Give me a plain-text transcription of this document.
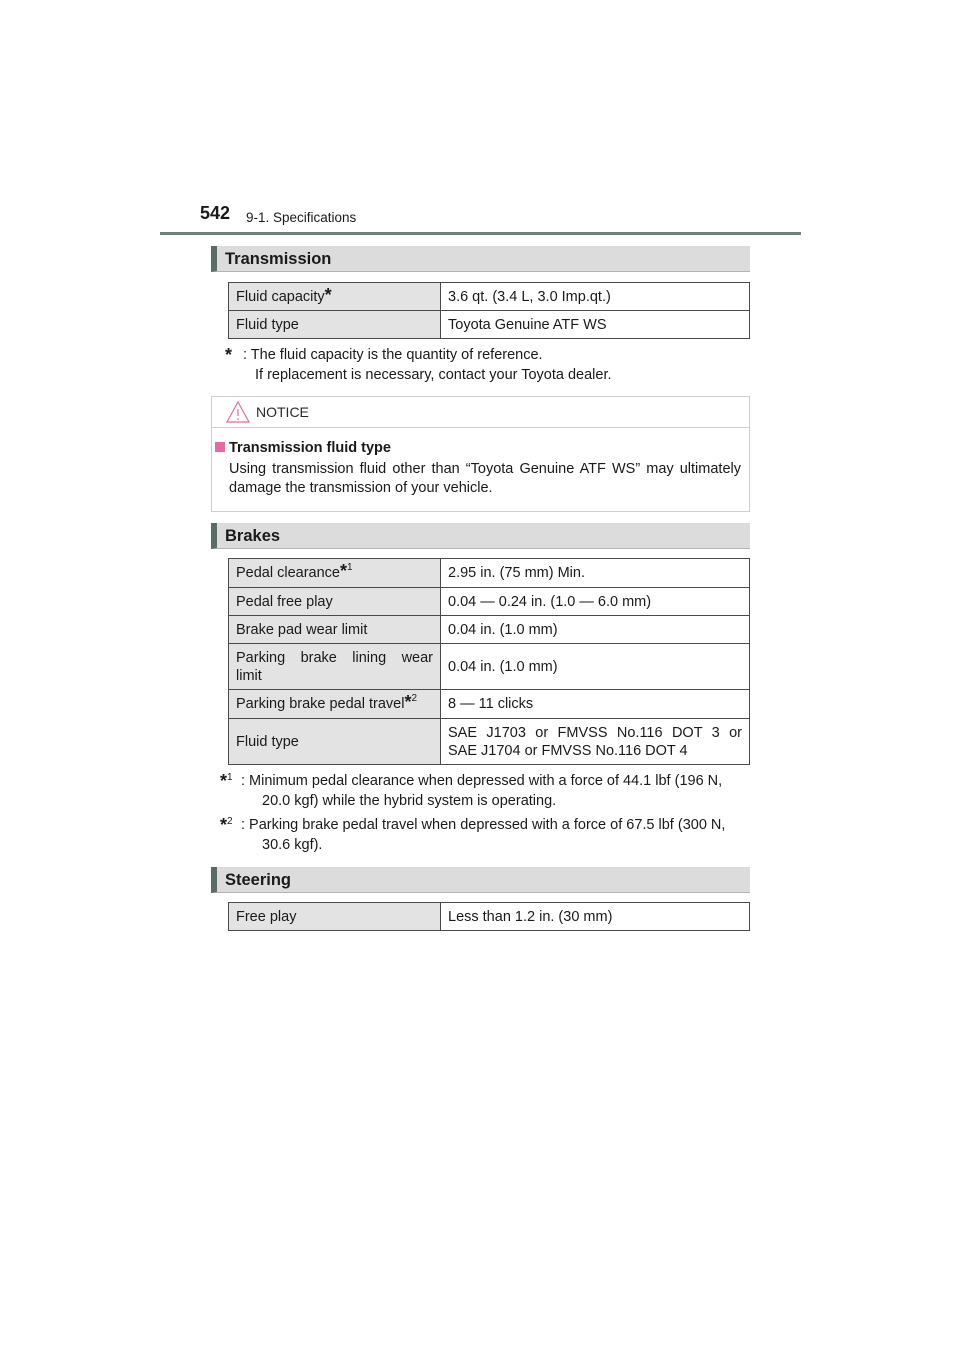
542 9-1. Specifications
Transmission
Fluid capacity*	3.6 qt. (3.4 L, 3.0 Imp.qt.)
Fluid type	Toyota Genuine ATF WS
* : The fluid capacity is the quantity of reference.
If replacement is necessary, contact your Toyota dealer.
NOTICE
Transmission fluid type
Using transmission fluid other than “Toyota Genuine ATF WS” may ultimately damage the transmission of your vehicle.
Brakes
Pedal clearance*$^1$	2.95 in. (75 mm) Min.
Pedal free play	0.04 — 0.24 in. (1.0 — 6.0 mm)
Brake pad wear limit	0.04 in. (1.0 mm)

Parking brake lining wear
limit	0.04 in. (1.0 mm)
Parking brake pedal travel*$^2$	8 — 11 clicks
Fluid type	SAE J1703 or FMVSS No.116 DOT 3 or
SAE J1704 or FMVSS No.116 DOT 4
*$^1$ : Minimum pedal clearance when depressed with a force of 44.1 lbf (196 N,
20.0 kgf) while the hybrid system is operating.
*$^2$ : Parking brake pedal travel when depressed with a force of 67.5 lbf (300 N,
30.6 kgf).
Steering
Free play	Less than 1.2 in. (30 mm)
